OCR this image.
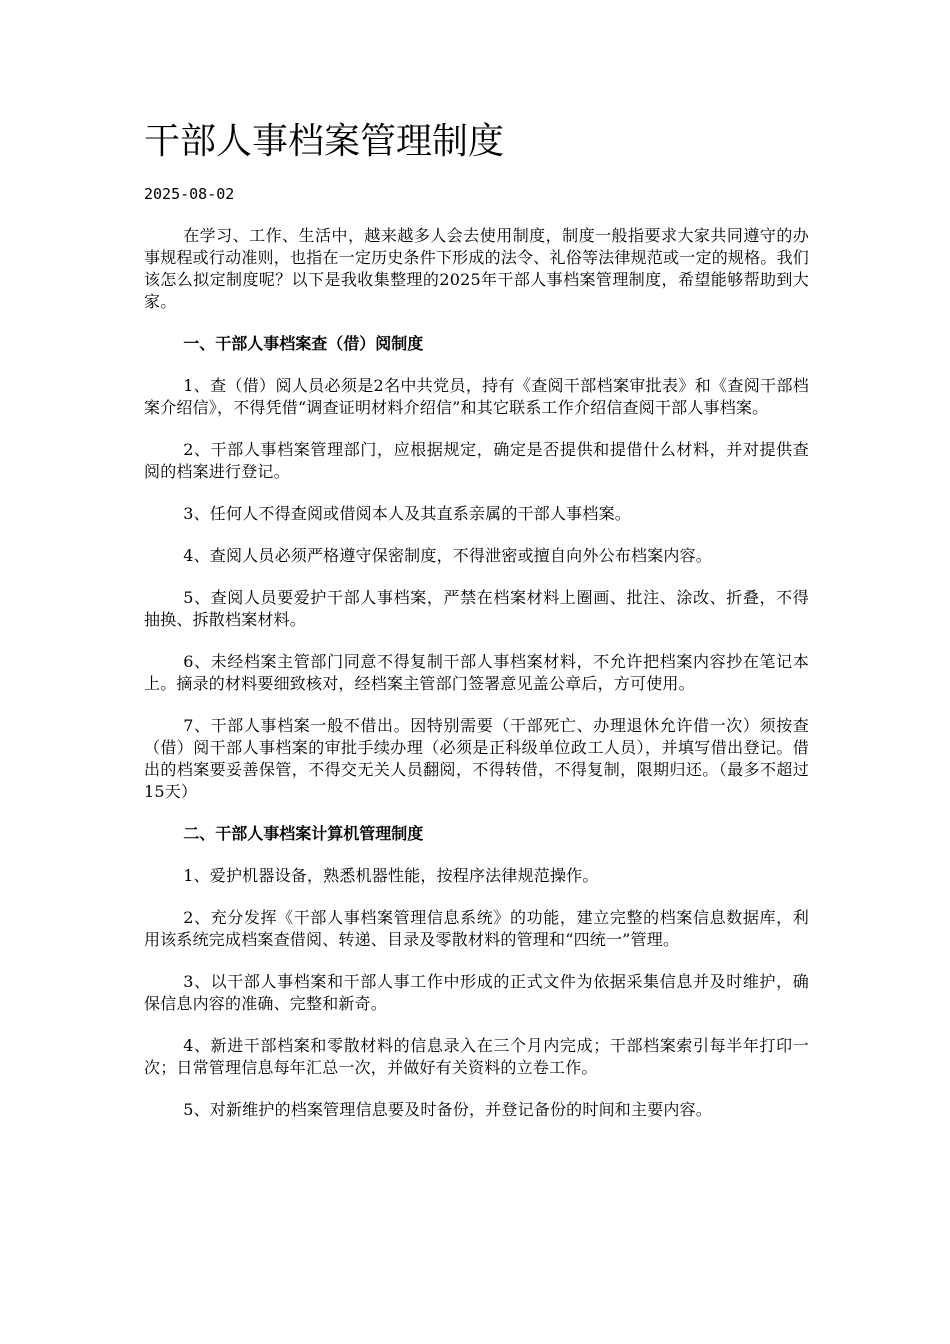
干部人事档案管理制度
2025-08-02

在学习、工作、生活中，越来越多人会去使用制度，制度一般指要求大家共同遵守的办事规程或行动准则，也指在一定历史条件下形成的法令、礼俗等法律规范或一定的规格。我们该怎么拟定制度呢？以下是我收集整理的2025年干部人事档案管理制度，希望能够帮助到大家。

一、干部人事档案查（借）阅制度

1、查（借）阅人员必须是2名中共党员，持有《查阅干部档案审批表》和《查阅干部档案介绍信》，不得凭借“调查证明材料介绍信”和其它联系工作介绍信查阅干部人事档案。

2、干部人事档案管理部门，应根据规定，确定是否提供和提借什么材料，并对提供查阅的档案进行登记。

3、任何人不得查阅或借阅本人及其直系亲属的干部人事档案。

4、查阅人员必须严格遵守保密制度，不得泄密或擅自向外公布档案内容。

5、查阅人员要爱护干部人事档案，严禁在档案材料上圈画、批注、涂改、折叠，不得抽换、拆散档案材料。

6、未经档案主管部门同意不得复制干部人事档案材料，不允许把档案内容抄在笔记本上。摘录的材料要细致核对，经档案主管部门签署意见盖公章后，方可使用。

7、干部人事档案一般不借出。因特别需要（干部死亡、办理退休允许借一次）须按查（借）阅干部人事档案的审批手续办理（必须是正科级单位政工人员），并填写借出登记。借出的档案要妥善保管，不得交无关人员翻阅，不得转借，不得复制，限期归还。（最多不超过15天）

二、干部人事档案计算机管理制度

1、爱护机器设备，熟悉机器性能，按程序法律规范操作。

2、充分发挥《干部人事档案管理信息系统》的功能，建立完整的档案信息数据库，利用该系统完成档案查借阅、转递、目录及零散材料的管理和“四统一”管理。

3、以干部人事档案和干部人事工作中形成的正式文件为依据采集信息并及时维护，确保信息内容的准确、完整和新奇。

4、新进干部档案和零散材料的信息录入在三个月内完成；干部档案索引每半年打印一次；日常管理信息每年汇总一次，并做好有关资料的立卷工作。

5、对新维护的档案管理信息要及时备份，并登记备份的时间和主要内容。
